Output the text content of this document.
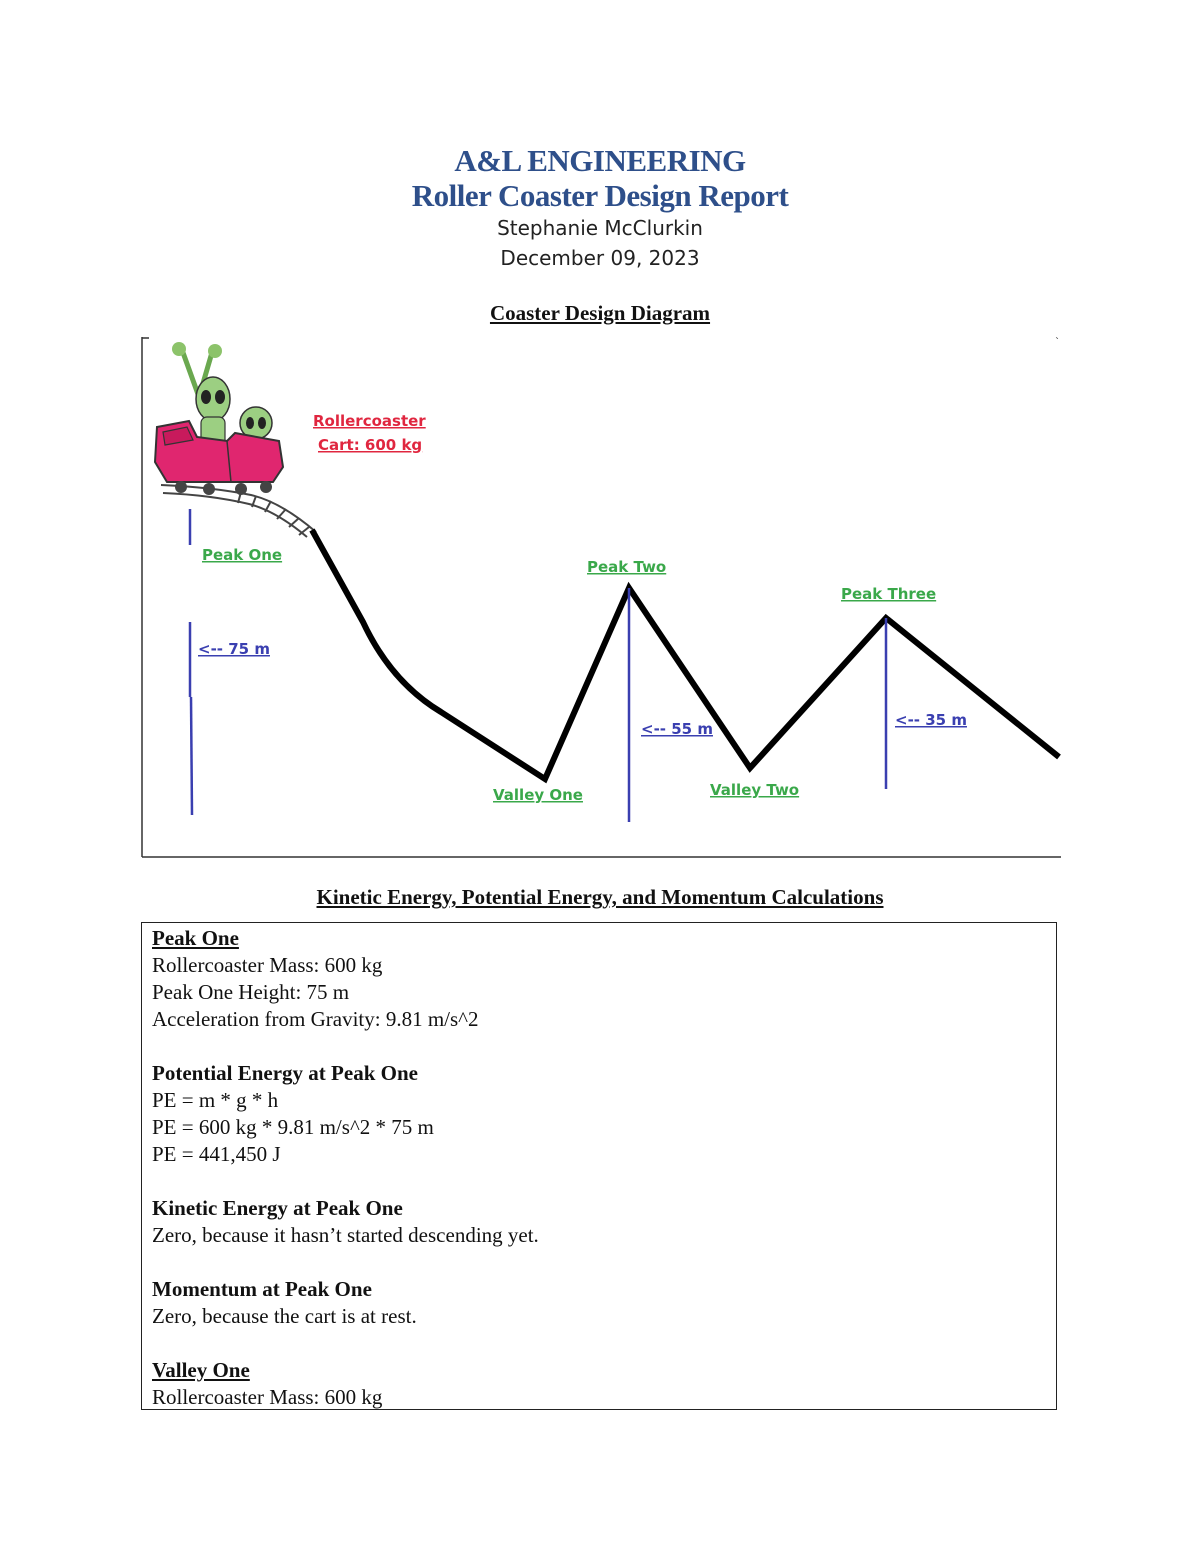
A&L ENGINEERING
Roller Coaster Design Report
Stephanie McClurkin
December 09, 2023
Coaster Design Diagram
Rollercoaster
Cart: 600 kg
Peak One
Peak Two
Peak Three
Valley One	Valley Two
<-- 75 m
<-- 55 m	<-- 35 m
`
Kinetic Energy, Potential Energy, and Momentum Calculations
Peak One
Rollercoaster Mass: 600 kg
Peak One Height: 75 m
Acceleration from Gravity: 9.81 m/s^2
Potential Energy at Peak One
PE = m * g * h
PE = 600 kg * 9.81 m/s^2 * 75 m
PE = 441,450 J
Kinetic Energy at Peak One
Zero, because it hasn’t started descending yet.
Momentum at Peak One
Zero, because the cart is at rest.
Valley One
Rollercoaster Mass: 600 kg
